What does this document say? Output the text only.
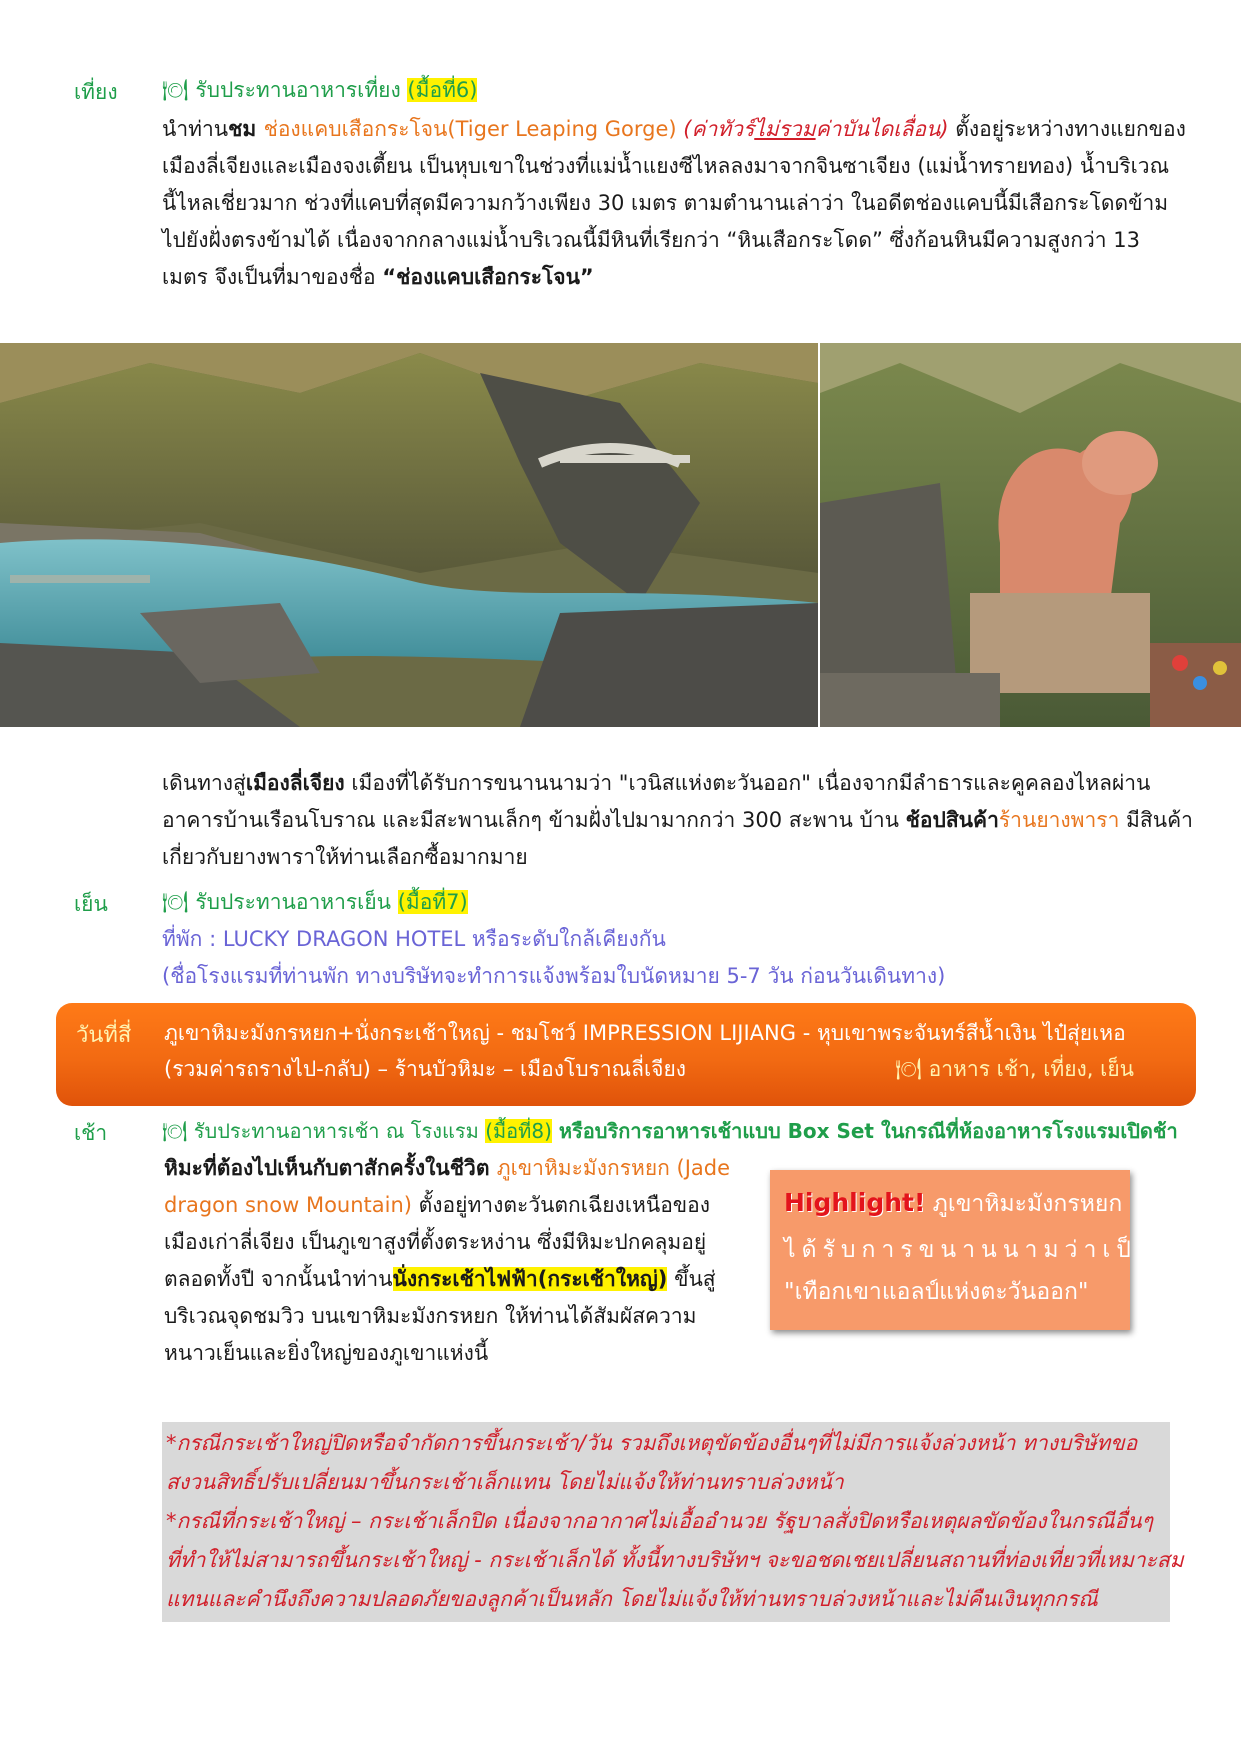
เที่ยง 🍽 รับประทานอาหารเที่ยง (มื้อที่6)
นำท่านชม ช่องแคบเสือกระโจน(Tiger Leaping Gorge) (ค่าทัวร์ไม่รวมค่าบันไดเลื่อน) ตั้งอยู่ระหว่างทางแยกของ
เมืองลี่เจียงและเมืองจงเตี้ยน เป็นหุบเขาในช่วงที่แม่น้ำแยงซีไหลลงมาจากจินซาเจียง (แม่น้ำทรายทอง) น้ำบริเวณ
นี้ไหลเชี่ยวมาก ช่วงที่แคบที่สุดมีความกว้างเพียง 30 เมตร ตามตำนานเล่าว่า ในอดีตช่องแคบนี้มีเสือกระโดดข้าม
ไปยังฝั่งตรงข้ามได้ เนื่องจากกลางแม่น้ำบริเวณนี้มีหินที่เรียกว่า “หินเสือกระโดด” ซึ่งก้อนหินมีความสูงกว่า 13
เมตร จึงเป็นที่มาของชื่อ “ช่องแคบเสือกระโจน”
เดินทางสู่เมืองลี่เจียง เมืองที่ได้รับการขนานนามว่า "เวนิสแห่งตะวันออก" เนื่องจากมีลำธารและคูคลองไหลผ่าน
อาคารบ้านเรือนโบราณ และมีสะพานเล็กๆ ข้ามฝั่งไปมามากกว่า 300 สะพาน บ้าน ช้อปสินค้าร้านยางพารา มีสินค้า
เกี่ยวกับยางพาราให้ท่านเลือกซื้อมากมาย
เย็น	🍽 รับประทานอาหารเย็น (มื้อที่7)
ที่พัก : LUCKY DRAGON HOTEL หรือระดับใกล้เคียงกัน
(ชื่อโรงแรมที่ท่านพัก ทางบริษัทจะทำการแจ้งพร้อมใบนัดหมาย 5-7 วัน ก่อนวันเดินทาง)
วันที่สี่ ภูเขาหิมะมังกรหยก+นั่งกระเช้าใหญ่ - ชมโชว์ IMPRESSION LIJIANG - หุบเขาพระจันทร์สีน้ำเงิน ไป๋สุ่ยเหอ
(รวมค่ารถรางไป-กลับ) – ร้านบัวหิมะ – เมืองโบราณลี่เจียง	🍽 อาหาร เช้า, เที่ยง, เย็น
เช้า	🍽 รับประทานอาหารเช้า ณ โรงแรม (มื้อที่8) หรือบริการอาหารเช้าแบบ Box Set ในกรณีที่ห้องอาหารโรงแรมเปิดช้า
หิมะที่ต้องไปเห็นกับตาสักครั้งในชีวิต ภูเขาหิมะมังกรหยก (Jade
dragon snow Mountain) ตั้งอยู่ทางตะวันตกเฉียงเหนือของ
เมืองเก่าลี่เจียง เป็นภูเขาสูงที่ตั้งตระหง่าน ซึ่งมีหิมะปกคลุมอยู่
ตลอดทั้งปี จากนั้นนำท่านนั่งกระเช้าไฟฟ้า(กระเช้าใหญ่) ขึ้นสู่
บริเวณจุดชมวิว บนเขาหิมะมังกรหยก ให้ท่านได้สัมผัสความ
หนาวเย็นและยิ่งใหญ่ของภูเขาแห่งนี้
Highlight! ภูเขาหิมะมังกรหยก
ได้รับการขนานนามว่าเป็น
"เทือกเขาแอลป์แห่งตะวันออก"
*กรณีกระเช้าใหญ่ปิดหรือจำกัดการขึ้นกระเช้า/วัน รวมถึงเหตุขัดข้องอื่นๆที่ไม่มีการแจ้งล่วงหน้า ทางบริษัทขอ
สงวนสิทธิ์ปรับเปลี่ยนมาขึ้นกระเช้าเล็กแทน โดยไม่แจ้งให้ท่านทราบล่วงหน้า
*กรณีที่กระเช้าใหญ่ – กระเช้าเล็กปิด เนื่องจากอากาศไม่เอื้ออำนวย รัฐบาลสั่งปิดหรือเหตุผลขัดข้องในกรณีอื่นๆ
ที่ทำให้ไม่สามารถขึ้นกระเช้าใหญ่ - กระเช้าเล็กได้ ทั้งนี้ทางบริษัทฯ จะขอชดเชยเปลี่ยนสถานที่ท่องเที่ยวที่เหมาะสม
แทนและคำนึงถึงความปลอดภัยของลูกค้าเป็นหลัก โดยไม่แจ้งให้ท่านทราบล่วงหน้าและไม่คืนเงินทุกกรณี
